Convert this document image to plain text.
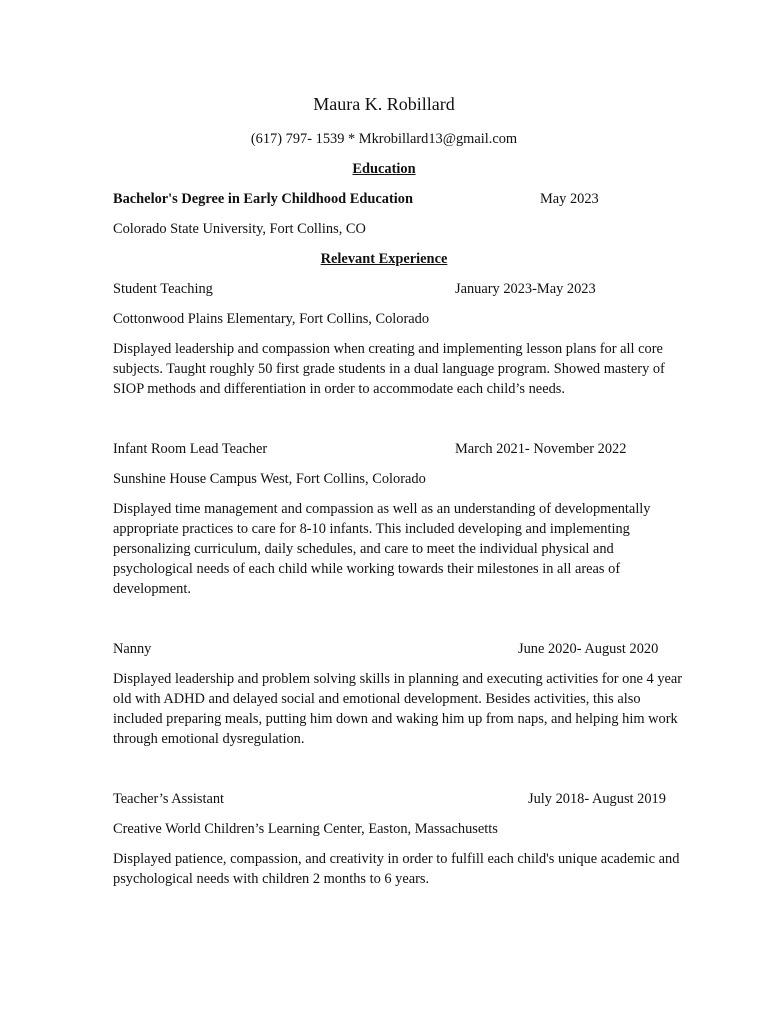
Maura K. Robillard
(617) 797- 1539 * Mkrobillard13@gmail.com
Education
Bachelor's Degree in Early Childhood Education	May 2023
Colorado State University, Fort Collins, CO
Relevant Experience
Student Teaching	January 2023-May 2023
Cottonwood Plains Elementary, Fort Collins, Colorado
Displayed leadership and compassion when creating and implementing lesson plans for all core subjects. Taught roughly 50 first grade students in a dual language program. Showed mastery of SIOP methods and differentiation in order to accommodate each child’s needs.
Infant Room Lead Teacher	March 2021- November 2022
Sunshine House Campus West, Fort Collins, Colorado
Displayed time management and compassion as well as an understanding of developmentally appropriate practices to care for 8-10 infants. This included developing and implementing personalizing curriculum, daily schedules, and care to meet the individual physical and psychological needs of each child while working towards their milestones in all areas of development.
Nanny	June 2020- August 2020
Displayed leadership and problem solving skills in planning and executing activities for one 4 year old with ADHD and delayed social and emotional development. Besides activities, this also included preparing meals, putting him down and waking him up from naps, and helping him work through emotional dysregulation.
Teacher’s Assistant	July 2018- August 2019
Creative World Children’s Learning Center, Easton, Massachusetts
Displayed patience, compassion, and creativity in order to fulfill each child's unique academic and psychological needs with children 2 months to 6 years.
